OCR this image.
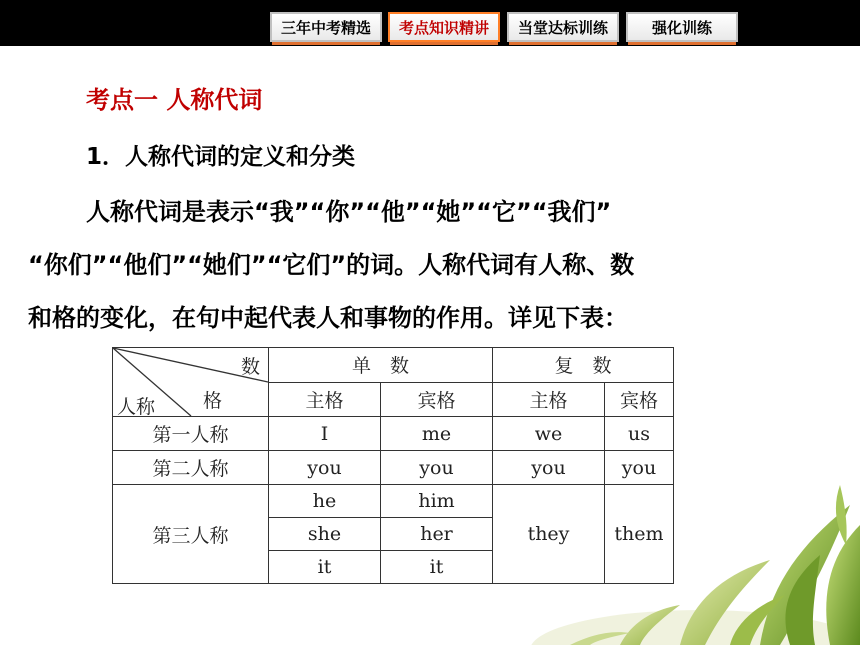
三年中考精选	考点知识精讲	当堂达标训练	强化训练
考点一 人称代词
1．人称代词的定义和分类
人称代词是表示“我”“你”“他”“她”“它”“我们”
“你们”“他们”“她们”“它们”的词。人称代词有人称、数
和格的变化，在句中起代表人和事物的作用。详见下表：
数
格
人称	单　数		复　数	
	主格	宾格	主格	宾格
第一人称	I	me	we	us
第二人称	you	you	you	you
第三人称	he	him	they	them
	she	her		
	it	it		
